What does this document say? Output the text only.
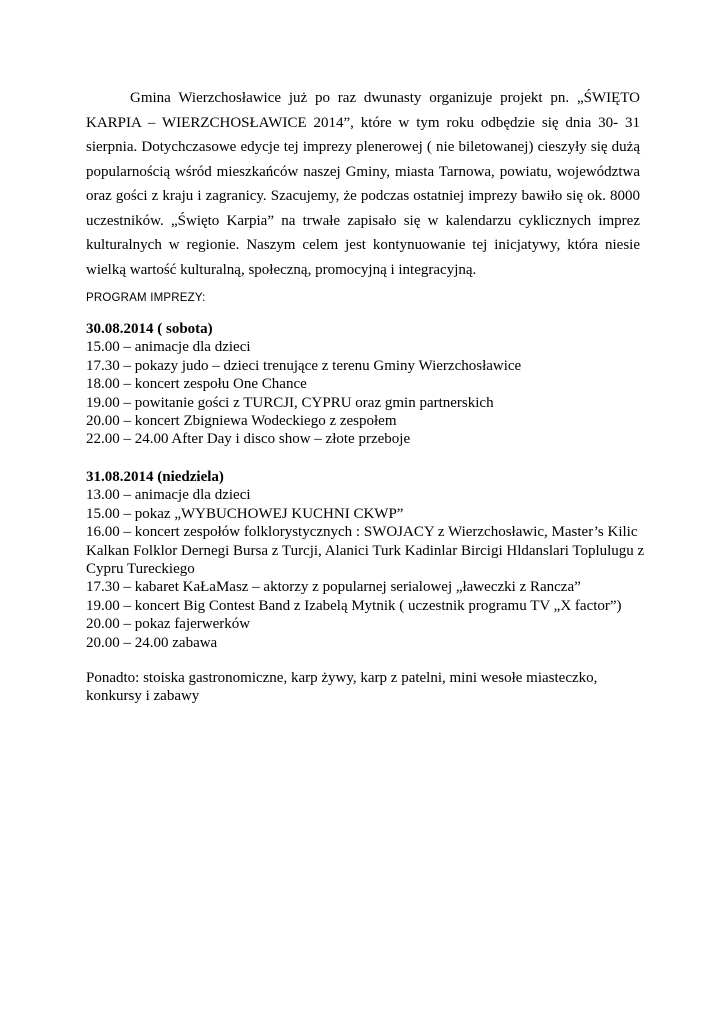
Gmina Wierzchosławice już po raz dwunasty organizuje projekt pn. „ŚWIĘTO KARPIA – WIERZCHOSŁAWICE 2014”, które w tym roku odbędzie się dnia 30- 31 sierpnia. Dotychczasowe edycje tej imprezy plenerowej ( nie biletowanej) cieszyły się dużą popularnością wśród mieszkańców naszej Gminy, miasta Tarnowa, powiatu, województwa oraz gości z kraju i zagranicy. Szacujemy, że podczas ostatniej imprezy bawiło się ok. 8000 uczestników. „Święto Karpia” na trwałe zapisało się w kalendarzu cyklicznych imprez kulturalnych w regionie. Naszym celem jest kontynuowanie tej inicjatywy, która niesie wielką wartość kulturalną, społeczną, promocyjną i integracyjną.

PROGRAM IMPREZY:
30.08.2014 ( sobota)
15.00 – animacje dla dzieci
17.30 – pokazy judo – dzieci trenujące z terenu Gminy Wierzchosławice
18.00 – koncert zespołu One Chance
19.00 – powitanie gości z TURCJI, CYPRU oraz gmin partnerskich
20.00 – koncert Zbigniewa Wodeckiego z zespołem
22.00 – 24.00 After Day i disco show – złote przeboje
31.08.2014 (niedziela)
13.00 – animacje dla dzieci
15.00 – pokaz „WYBUCHOWEJ KUCHNI CKWP”
16.00 – koncert zespołów folklorystycznych : SWOJACY z Wierzchosławic, Master’s Kilic Kalkan Folklor Dernegi Bursa z Turcji, Alanici Turk Kadinlar Bircigi Hldanslari Toplulugu z Cypru Tureckiego
17.30 – kabaret KaŁaMasz – aktorzy z popularnej serialowej „ławeczki z Rancza”
19.00 – koncert Big Contest Band z Izabelą Mytnik ( uczestnik programu TV „X factor”)
20.00 – pokaz fajerwerków
20.00 – 24.00 zabawa
Ponadto: stoiska gastronomiczne, karp żywy, karp z patelni, mini wesołe miasteczko, konkursy i zabawy
